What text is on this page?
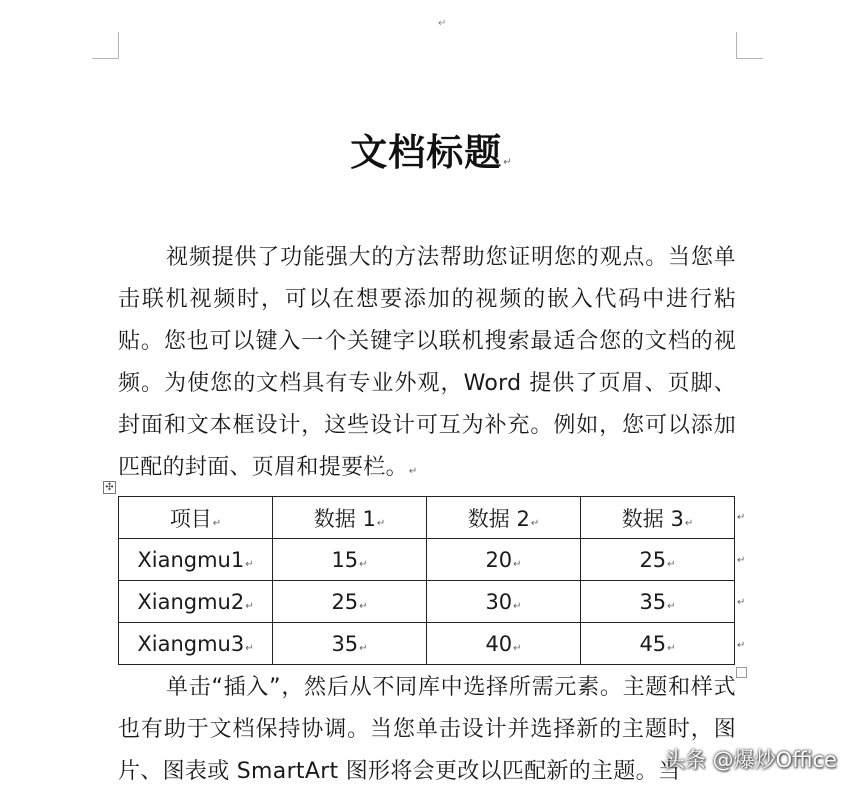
↵
文档标题↵

视频提供了功能强大的方法帮助您证明您的观点。当您单击联机视频时，可以在想要添加的视频的嵌入代码中进行粘贴。您也可以键入一个关键字以联机搜索最适合您的文档的视频。为使您的文档具有专业外观，Word 提供了页眉、页脚、封面和文本框设计，这些设计可互为补充。例如，您可以添加匹配的封面、页眉和提要栏。↵

✣
项目↵	数据 1↵	数据 2↵	数据 3↵
Xiangmu1↵	15↵	20↵	25↵
Xiangmu2↵	25↵	30↵	35↵
Xiangmu3↵	35↵	40↵	45↵
↵
↵
↵
↵

单击“插入”，然后从不同库中选择所需元素。主题和样式也有助于文档保持协调。当您单击设计并选择新的主题时，图片、图表或 SmartArt 图形将会更改以匹配新的主题。当

头条 @爆炒Office
